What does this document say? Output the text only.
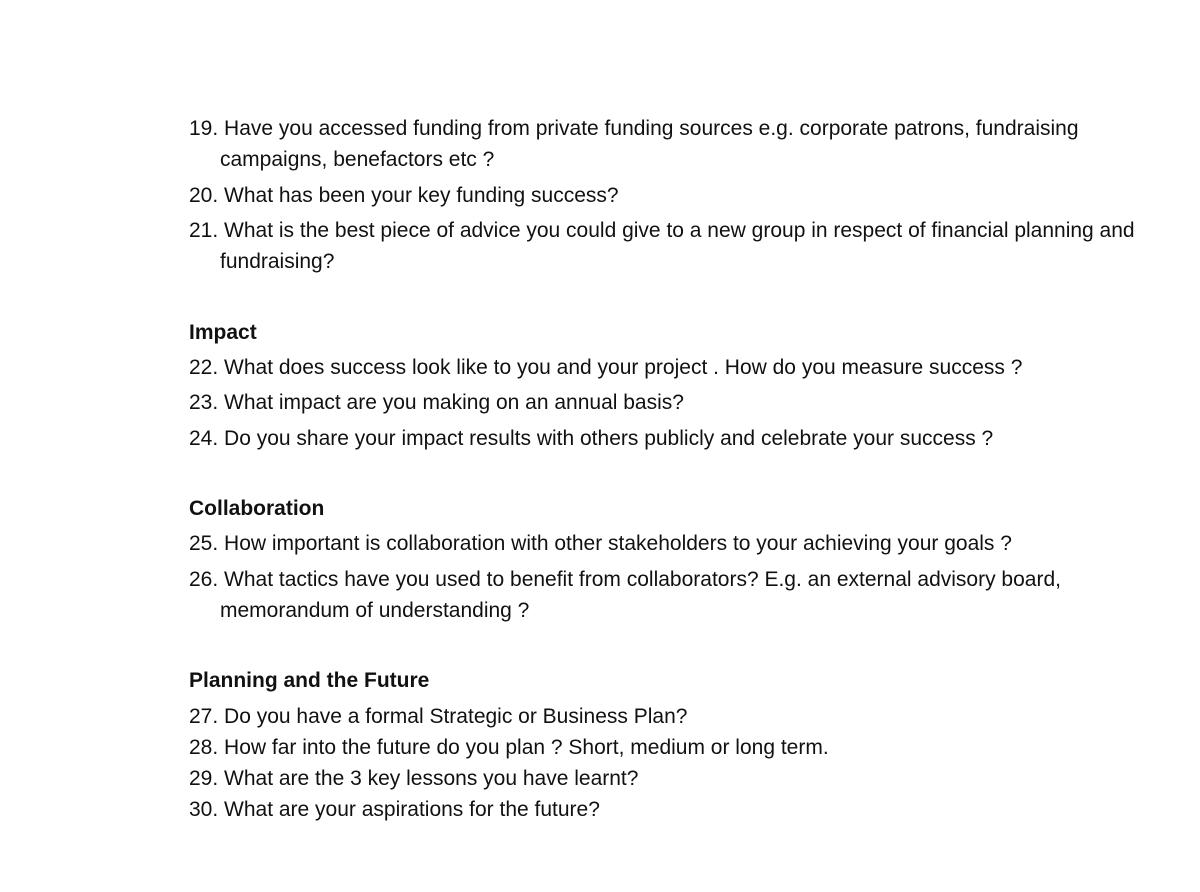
19. Have you accessed funding from private funding sources e.g. corporate patrons, fundraising
campaigns, benefactors etc ?
20. What has been your key funding success?
21. What is the best piece of advice you could give to a new group in respect of financial planning and
fundraising?
Impact
22. What does success look like to you and your project . How do you measure success ?
23. What impact are you making on an annual basis?
24. Do you share your impact results with others publicly and celebrate your success ?
Collaboration
25. How important is collaboration with other stakeholders to your achieving your goals ?
26. What tactics have you used to benefit from collaborators? E.g. an external advisory board,
memorandum of understanding ?
Planning and the Future
27. Do you have a formal Strategic or Business Plan?
28. How far into the future do you plan ? Short, medium or long term.
29. What are the 3 key lessons you have learnt?
30. What are your aspirations for the future?
